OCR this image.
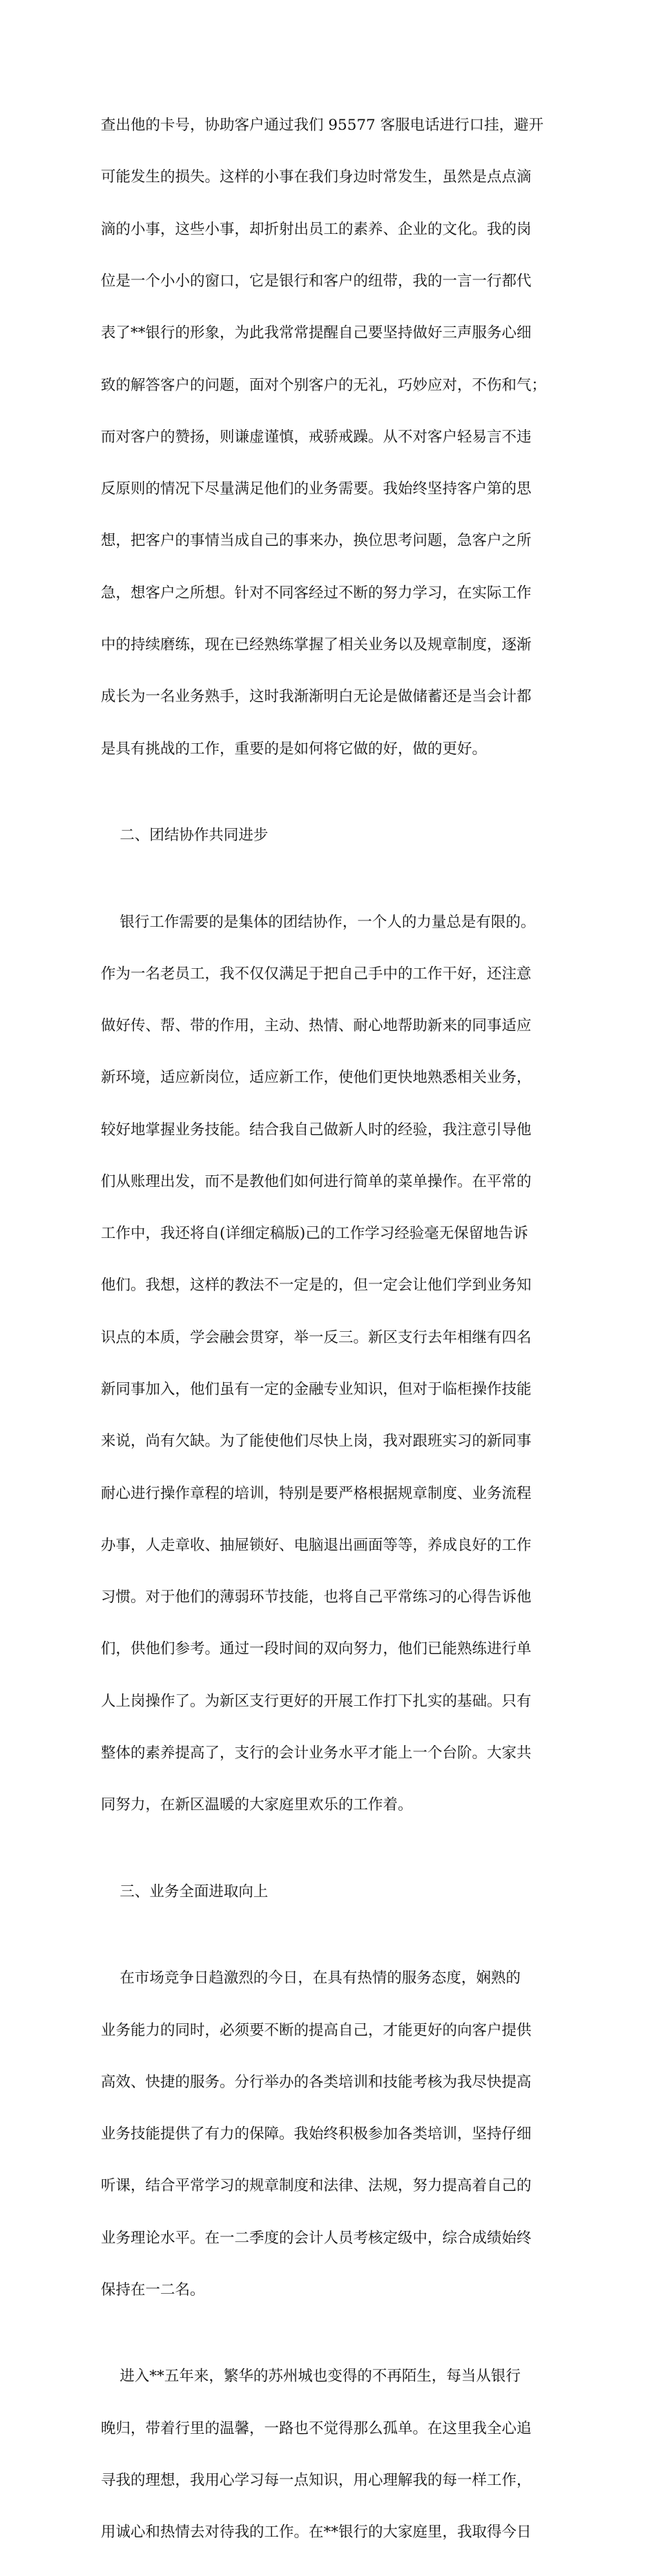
查出他的卡号，协助客户通过我们 95577 客服电话进行口挂，避开

可能发生的损失。这样的小事在我们身边时常发生，虽然是点点滴

滴的小事，这些小事，却折射出员工的素养、企业的文化。我的岗

位是一个小小的窗口，它是银行和客户的纽带，我的一言一行都代

表了**银行的形象，为此我常常提醒自己要坚持做好三声服务心细

致的解答客户的问题，面对个别客户的无礼，巧妙应对，不伤和气；

而对客户的赞扬，则谦虚谨慎，戒骄戒躁。从不对客户轻易言不违

反原则的情况下尽量满足他们的业务需要。我始终坚持客户第的思

想，把客户的事情当成自己的事来办，换位思考问题，急客户之所

急，想客户之所想。针对不同客经过不断的努力学习，在实际工作

中的持续磨练，现在已经熟练掌握了相关业务以及规章制度，逐渐

成长为一名业务熟手，这时我渐渐明白无论是做储蓄还是当会计都

是具有挑战的工作，重要的是如何将它做的好，做的更好。

二、团结协作共同进步

银行工作需要的是集体的团结协作，一个人的力量总是有限的。

作为一名老员工，我不仅仅满足于把自己手中的工作干好，还注意

做好传、帮、带的作用，主动、热情、耐心地帮助新来的同事适应

新环境，适应新岗位，适应新工作，使他们更快地熟悉相关业务，

较好地掌握业务技能。结合我自己做新人时的经验，我注意引导他

们从账理出发，而不是教他们如何进行简单的菜单操作。在平常的

工作中，我还将自(详细定稿版)己的工作学习经验毫无保留地告诉

他们。我想，这样的教法不一定是的，但一定会让他们学到业务知

识点的本质，学会融会贯穿，举一反三。新区支行去年相继有四名

新同事加入，他们虽有一定的金融专业知识，但对于临柜操作技能

来说，尚有欠缺。为了能使他们尽快上岗，我对跟班实习的新同事

耐心进行操作章程的培训，特别是要严格根据规章制度、业务流程

办事，人走章收、抽屉锁好、电脑退出画面等等，养成良好的工作

习惯。对于他们的薄弱环节技能，也将自己平常练习的心得告诉他

们，供他们参考。通过一段时间的双向努力，他们已能熟练进行单

人上岗操作了。为新区支行更好的开展工作打下扎实的基础。只有

整体的素养提高了，支行的会计业务水平才能上一个台阶。大家共

同努力，在新区温暖的大家庭里欢乐的工作着。

三、业务全面进取向上

在市场竞争日趋激烈的今日，在具有热情的服务态度，娴熟的

业务能力的同时，必须要不断的提高自己，才能更好的向客户提供

高效、快捷的服务。分行举办的各类培训和技能考核为我尽快提高

业务技能提供了有力的保障。我始终积极参加各类培训，坚持仔细

听课，结合平常学习的规章制度和法律、法规，努力提高着自己的

业务理论水平。在一二季度的会计人员考核定级中，综合成绩始终

保持在一二名。

进入**五年来，繁华的苏州城也变得的不再陌生，每当从银行

晚归，带着行里的温馨，一路也不觉得那么孤单。在这里我全心追

寻我的理想，我用心学习每一点知识，用心理解我的每一样工作，

用诚心和热情去对待我的工作。在**银行的大家庭里，我取得今日
